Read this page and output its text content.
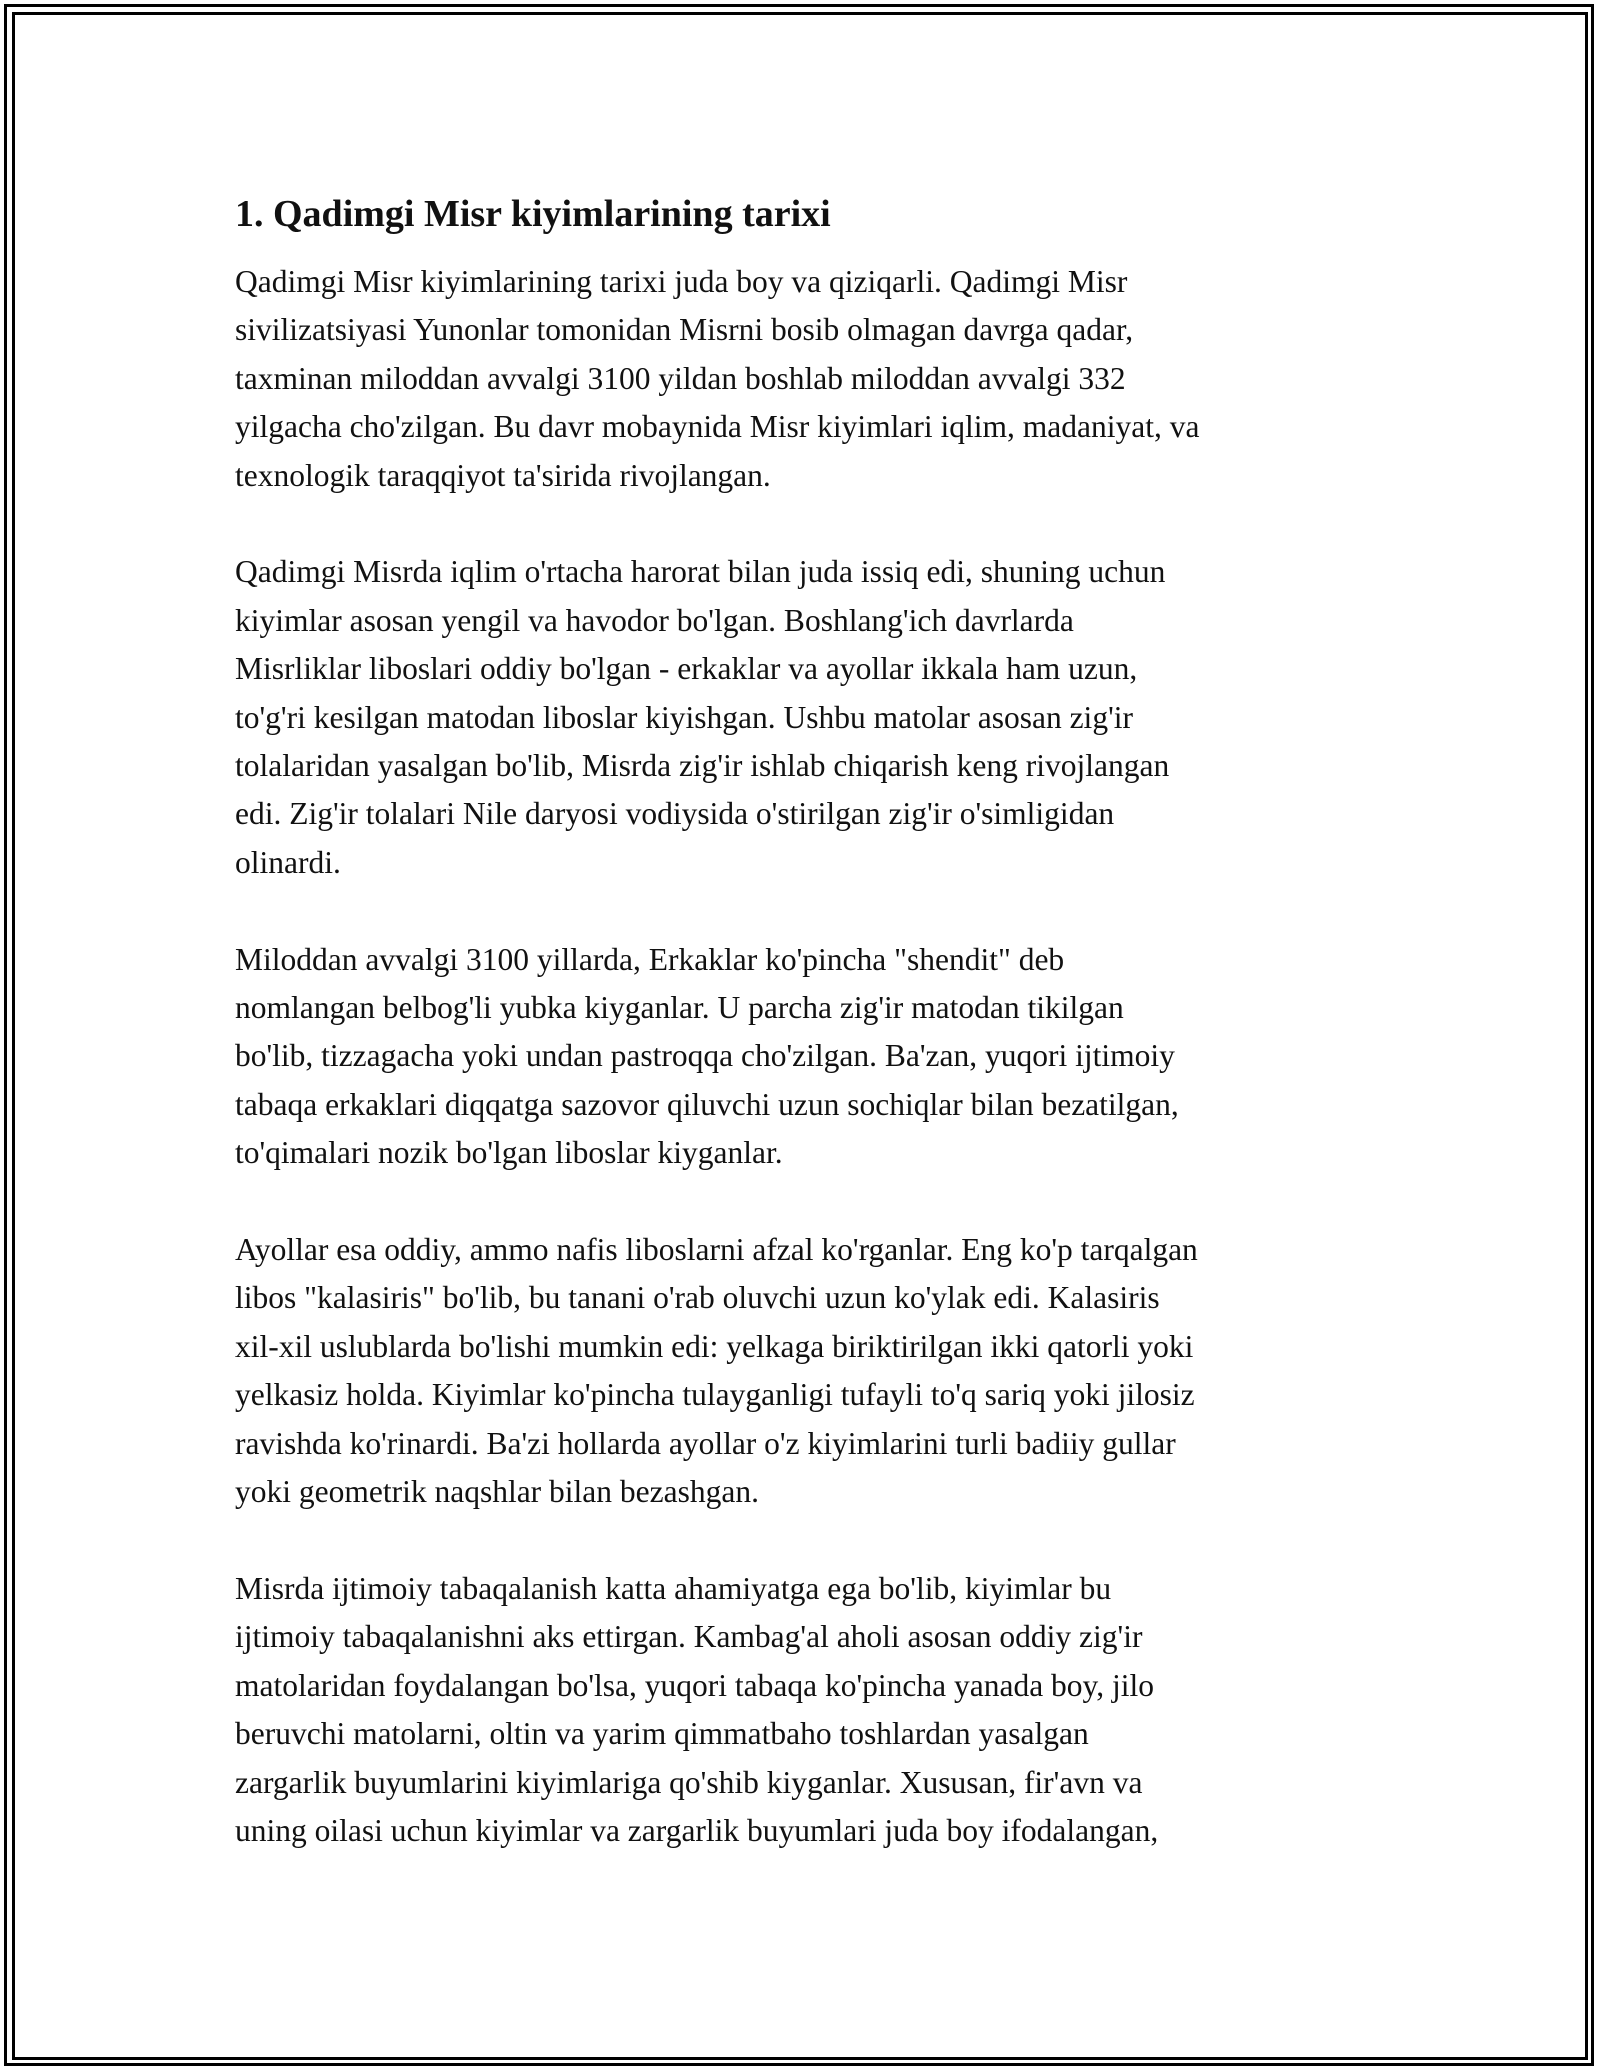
1. Qadimgi Misr kiyimlarining tarixi

Qadimgi Misr kiyimlarining tarixi juda boy va qiziqarli. Qadimgi Misr
sivilizatsiyasi Yunonlar tomonidan Misrni bosib olmagan davrga qadar,
taxminan miloddan avvalgi 3100 yildan boshlab miloddan avvalgi 332
yilgacha cho'zilgan. Bu davr mobaynida Misr kiyimlari iqlim, madaniyat, va
texnologik taraqqiyot ta'sirida rivojlangan.

Qadimgi Misrda iqlim o'rtacha harorat bilan juda issiq edi, shuning uchun
kiyimlar asosan yengil va havodor bo'lgan. Boshlang'ich davrlarda
Misrliklar liboslari oddiy bo'lgan - erkaklar va ayollar ikkala ham uzun,
to'g'ri kesilgan matodan liboslar kiyishgan. Ushbu matolar asosan zig'ir
tolalaridan yasalgan bo'lib, Misrda zig'ir ishlab chiqarish keng rivojlangan
edi. Zig'ir tolalari Nile daryosi vodiysida o'stirilgan zig'ir o'simligidan
olinardi.

Miloddan avvalgi 3100 yillarda, Erkaklar ko'pincha "shendit" deb
nomlangan belbog'li yubka kiyganlar. U parcha zig'ir matodan tikilgan
bo'lib, tizzagacha yoki undan pastroqqa cho'zilgan. Ba'zan, yuqori ijtimoiy
tabaqa erkaklari diqqatga sazovor qiluvchi uzun sochiqlar bilan bezatilgan,
to'qimalari nozik bo'lgan liboslar kiyganlar.

Ayollar esa oddiy, ammo nafis liboslarni afzal ko'rganlar. Eng ko'p tarqalgan
libos "kalasiris" bo'lib, bu tanani o'rab oluvchi uzun ko'ylak edi. Kalasiris
xil-xil uslublarda bo'lishi mumkin edi: yelkaga biriktirilgan ikki qatorli yoki
yelkasiz holda. Kiyimlar ko'pincha tulayganligi tufayli to'q sariq yoki jilosiz
ravishda ko'rinardi. Ba'zi hollarda ayollar o'z kiyimlarini turli badiiy gullar
yoki geometrik naqshlar bilan bezashgan.

Misrda ijtimoiy tabaqalanish katta ahamiyatga ega bo'lib, kiyimlar bu
ijtimoiy tabaqalanishni aks ettirgan. Kambag'al aholi asosan oddiy zig'ir
matolaridan foydalangan bo'lsa, yuqori tabaqa ko'pincha yanada boy, jilo
beruvchi matolarni, oltin va yarim qimmatbaho toshlardan yasalgan
zargarlik buyumlarini kiyimlariga qo'shib kiyganlar. Xususan, fir'avn va
uning oilasi uchun kiyimlar va zargarlik buyumlari juda boy ifodalangan,
